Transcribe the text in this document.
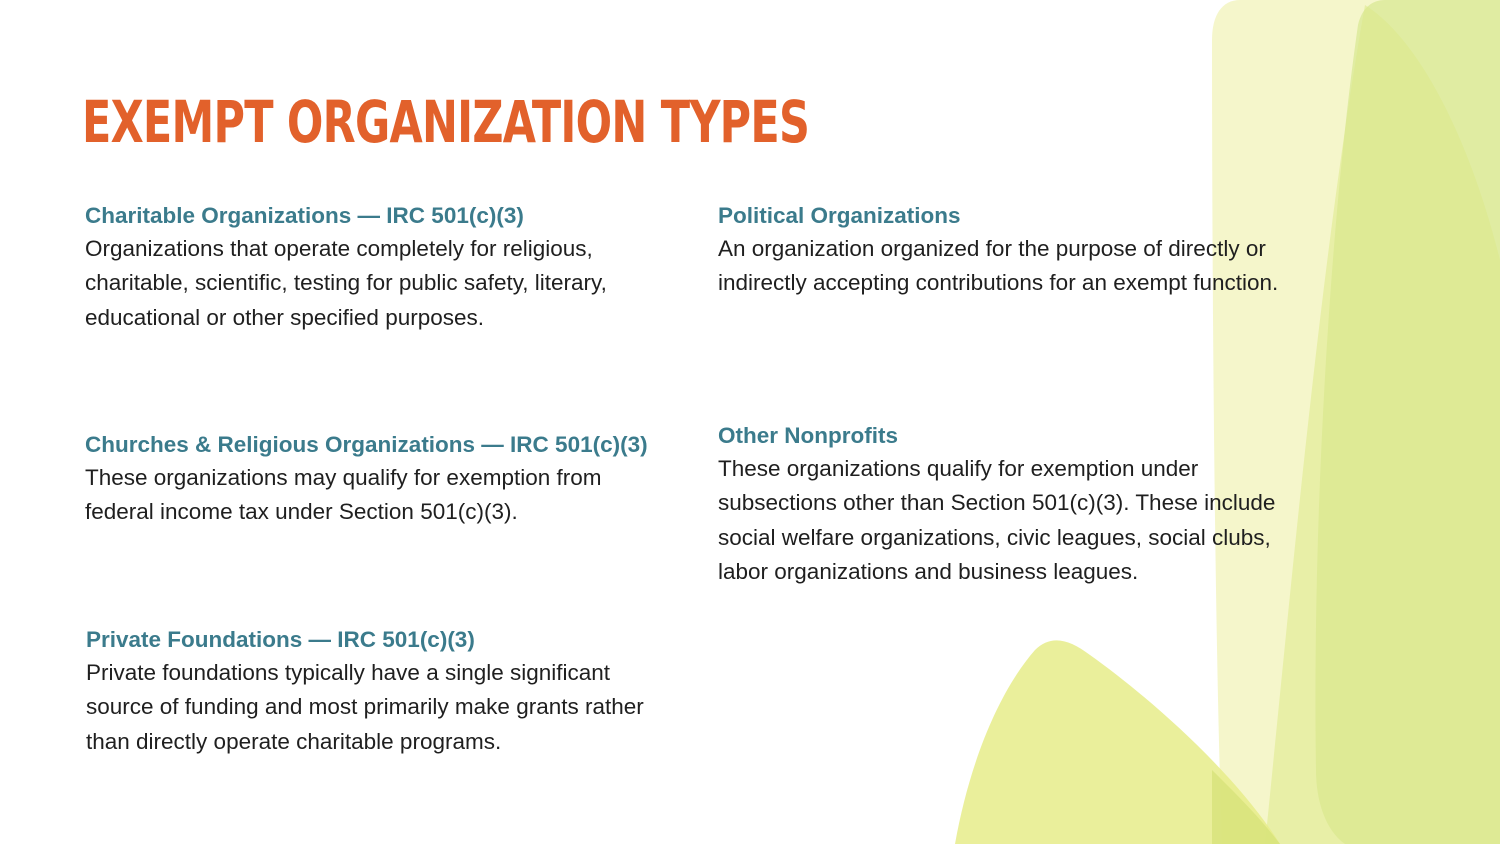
EXEMPT ORGANIZATION TYPES
Charitable Organizations — IRC 501(c)(3)

Organizations that operate completely for religious, charitable, scientific, testing for public safety, literary, educational or other specified purposes.

Churches & Religious Organizations — IRC 501(c)(3)

These organizations may qualify for exemption from federal income tax under Section 501(c)(3).

Private Foundations — IRC 501(c)(3)

Private foundations typically have a single significant source of funding and most primarily make grants rather than directly operate charitable programs.

Political Organizations

An organization organized for the purpose of directly or indirectly accepting contributions for an exempt function.

Other Nonprofits

These organizations qualify for exemption under subsections other than Section 501(c)(3). These include social welfare organizations, civic leagues, social clubs, labor organizations and business leagues.
